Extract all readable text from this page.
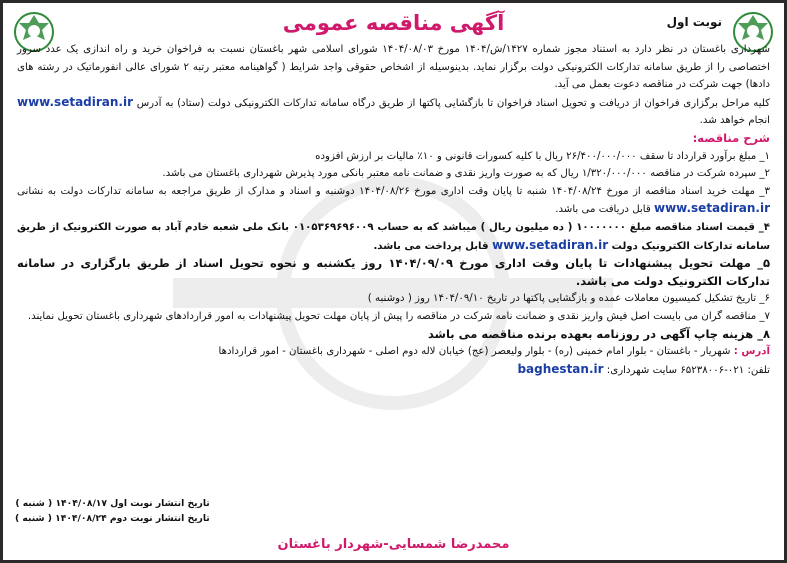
نوبت اول
آگهی مناقصه عمومی

شهرداری باغستان در نظر دارد به استناد مجوز شماره ۱۴۲۷/ش/۱۴۰۴ مورخ ۱۴۰۴/۰۸/۰۳ شورای اسلامی شهر باغستان نسبت به فراخوان خرید و راه اندازی یک عدد سرور اختصاصی را از طریق سامانه تدارکات الکترونیکی دولت برگزار نماید. بدینوسیله از اشخاص حقوقی واجد شرایط ( گواهینامه معتبر رتبه ۲ شورای عالی انفورماتیک در رشته های دادها) جهت شرکت در مناقصه دعوت بعمل می آید.

کلیه مراحل برگزاری فراخوان از دریافت و تحویل اسناد فراخوان تا بازگشایی پاکتها از طریق درگاه سامانه تدارکات الکترونیکی دولت (ستاد) به آدرس www.setadiran.ir انجام خواهد شد.

شرح مناقصه:

۱_ مبلغ برآورد قرارداد تا سقف ۲۶/۴۰۰/۰۰۰/۰۰۰ ریال با کلیه کسورات قانونی و ۱۰٪ مالیات بر ارزش افزوده

۲_ سپرده شرکت در مناقصه ۱/۳۲۰/۰۰۰/۰۰۰ ریال که به صورت واریز نقدی و ضمانت نامه معتبر بانکی مورد پذیرش شهرداری باغستان می باشد.

۳_ مهلت خرید اسناد مناقصه از مورخ ۱۴۰۴/۰۸/۲۴ شنبه تا پایان وقت اداری مورخ ۱۴۰۴/۰۸/۲۶ دوشنبه و اسناد و مدارک از طریق مراجعه به سامانه تدارکات دولت به نشانی www.setadiran.ir قابل دریافت می باشد.

۴_ قیمت اسناد مناقصه مبلغ ۱۰۰۰۰۰۰۰ ( ده میلیون ریال ) میباشد که به حساب ۰۱۰۵۳۶۹۶۹۶۰۰۹ بانک ملی شعبه خادم آباد به صورت الکترونیک از طریق سامانه تدارکات الکترونیک دولت www.setadiran.ir قابل پرداخت می باشد.

۵_ مهلت تحویل پیشنهادات تا پایان وقت اداری مورخ ۱۴۰۴/۰۹/۰۹ روز یکشنبه و نحوه تحویل اسناد از طریق بارگزاری در سامانه تدارکات الکترونیک دولت می باشد.

۶_ تاریخ تشکیل کمیسیون معاملات عمده و بازگشایی پاکتها در تاریخ ۱۴۰۴/۰۹/۱۰ روز ( دوشنبه )

۷_ مناقصه گران می بایست اصل فیش واریز نقدی و ضمانت نامه شرکت در مناقصه را پیش از پایان مهلت تحویل پیشنهادات به امور قراردادهای شهرداری باغستان تحویل نمایند.

۸_ هزینه چاپ آگهی در روزنامه بعهده برنده مناقصه می باشد

آدرس : شهریار - باغستان - بلوار امام خمینی (ره) - بلوار ولیعصر (عج) خیابان لاله دوم اصلی - شهرداری باغستان - امور قراردادها

تلفن: ۰۲۱-۶۵۲۳۸۰۰۶ سایت شهرداری: baghestan.ir

تاریخ انتشار نوبت اول ۱۴۰۴/۰۸/۱۷ ( شنبه )
تاریخ انتشار نوبت دوم ۱۴۰۴/۰۸/۲۴ ( شنبه )
محمدرضا شمسایی-شهردار باغستان
